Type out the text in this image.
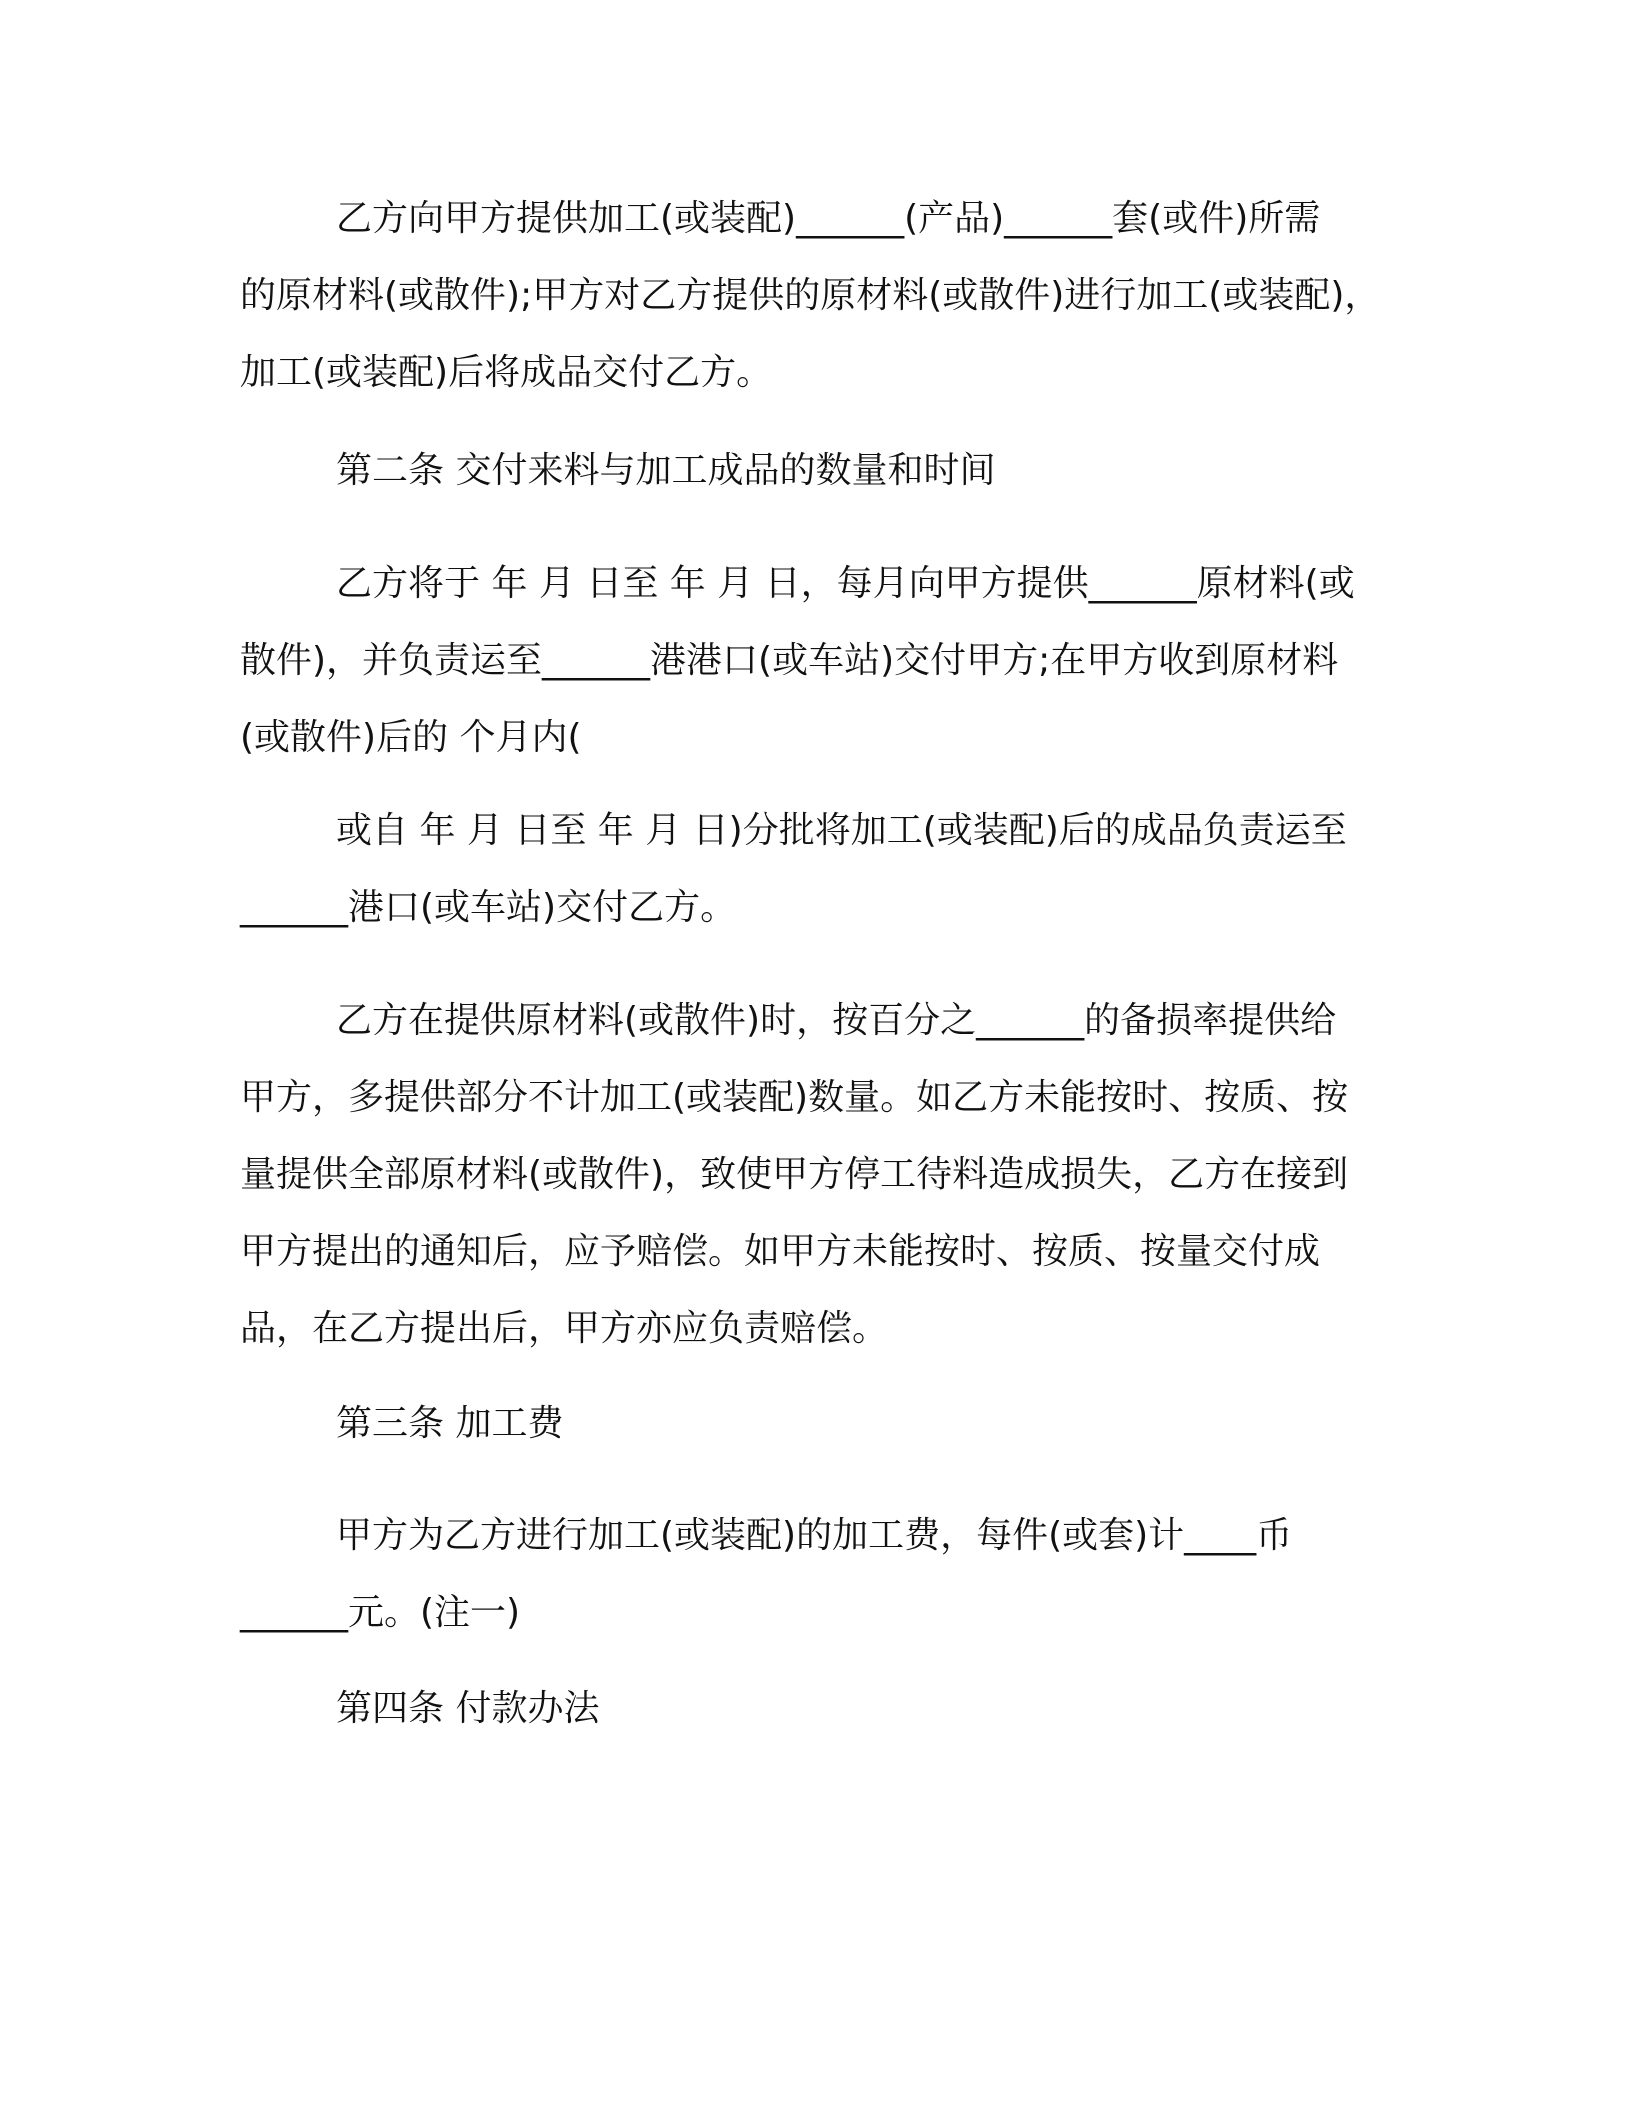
乙方向甲方提供加工(或装配)______(产品)______套(或件)所需
的原材料(或散件);甲方对乙方提供的原材料(或散件)进行加工(或装配)，
加工(或装配)后将成品交付乙方。

第二条 交付来料与加工成品的数量和时间

乙方将于 年 月 日至 年 月 日，每月向甲方提供______原材料(或
散件)，并负责运至______港港口(或车站)交付甲方;在甲方收到原材料
(或散件)后的 个月内(

或自 年 月 日至 年 月 日)分批将加工(或装配)后的成品负责运至
______港口(或车站)交付乙方。

乙方在提供原材料(或散件)时，按百分之______的备损率提供给
甲方，多提供部分不计加工(或装配)数量。如乙方未能按时、按质、按
量提供全部原材料(或散件)，致使甲方停工待料造成损失，乙方在接到
甲方提出的通知后，应予赔偿。如甲方未能按时、按质、按量交付成
品，在乙方提出后，甲方亦应负责赔偿。

第三条 加工费

甲方为乙方进行加工(或装配)的加工费，每件(或套)计____币
______元。(注一)

第四条 付款办法
